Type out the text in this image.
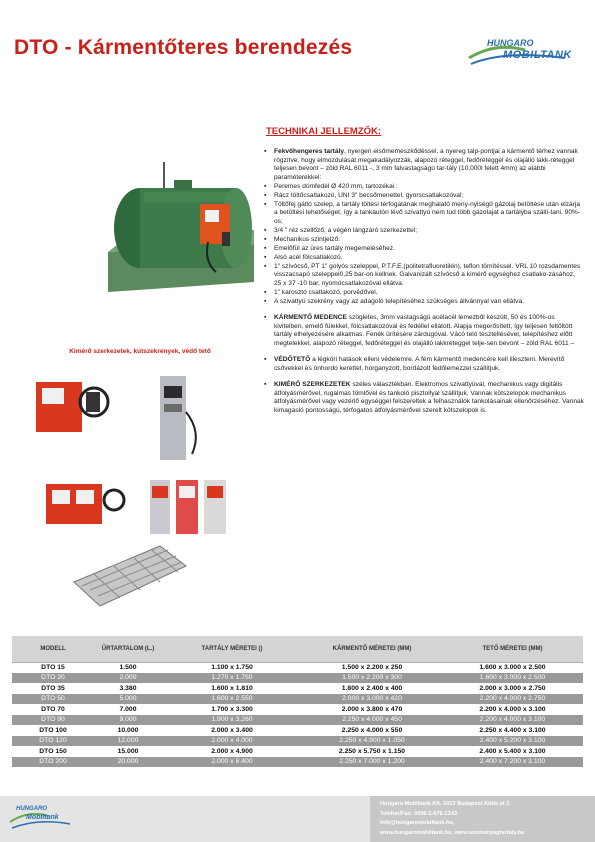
DTO - Kármentőteres berendezés	HUNGARO
MOBILTANK
Kimérő szerkezetek, kútszekrények, védő tető
TECHNIKAI JELLEMZŐK:
▪ Fekvőhengeres tartály, nyergen elsőmemeszkődéssel, a nyereg talp-pontjai a kármentő térhez vannak rögzítve, hogy elmozdulását megakadályozzák, alapozó réteggel, fedőréteggel és olajálló lakk-réteggel teljesen bevont – zöld RAL 6011 -, 3 mm falvastagságú tar-tály (10.000l felett 4mm) az alábbi paraméterekkel:
▪ Peremes dómfedél Ø 420 mm, tartozékai :
▪ Rácz töltőcsatlakozó, UNI 3" becsőmenettel, gyorscsatlakozóval;
▪ Töltőfej gátló szelep, a tartály töltési térfogatának meghalató meny-nyiségű gázolaj betöltése után elzárja a betöltési lehetőséget, így a tankautón lévő szivattyú nem tud több gázolajat a tartályba szállí-tani. 90%-os;
▪ 3/4 " réz szellőző, a végén lángzáró szerkezettel;
▪ Mechanikus szintjelző.
▪ Emelőfül az üres tartály megemeléséhez.
▪ Alsó acél fölcsatlakozó.
▪ 1" szívócső, PT 1" golyós szeleppel, P.T.F.E.(politetrafluoretilén), teflon tömítéssel. VRL 10 rozsdamentes visszacsapó szeleppel0,25 bar-on kellnek. Galvanizált szívócső a kimérő egységhez csatlako-zásához, 25 x 37 -10 bar, nyomócsatlakozóval ellátva.
▪ 1" karosztó csatlakozó, porvédővel.
▪ A szivattyú szekrény vagy az adagoló telepítéséhez szükséges állvánnyal van ellátva.
▪ KÁRMENTŐ MEDENCE szögletes, 3mm vastagságú acélacél lemezből készült, 50 és 100%-os kivitelben, emelő fülekkel, fölcsatlakozóval és fedéllel ellátott. Alapja megerősített, így teljesen feltöltött tartály elhelyezésére alkalmas. Fenék ürítésére zárdugóval. Vácó teló tesztellésével, telepítéshez előtt megtelekkel, alapozó réteggel, fedőréteggel és olajálló lakkréteggel telje-sen bevont – zöld RAL 6011 –
▪ VÉDŐTETŐ a légköri hatások elleni védelemre. A fém kármentő medencére kell illeszteni. Merevítő csővekkel és önhordó kerettel, horganyzott, bordázott fedőlemezzel szállítjuk.
▪ KIMÉRŐ SZERKEZETEK széles választékban. Elektromos szivattyúval, mechanikus vagy digitális átfolyásmérővel, rugalmas tömlővel és tankoló pisztollyal szállítjuk. Vannak kötszelopok mechanikus átfolyásmérővel vagy vezérlő egységgel felszereltek a felhasználók tankolásainak ellenőrzéséhez. Vannak kimagasló pontosságú, térfogatos átfolyásmérővel szerelt kötszelopok is.
MODELL	ŰRTARTALOM (L.)	TARTÁLY MÉRETEI ()	KÁRMENTŐ MÉRETEI (MM)	TETŐ MÉRETEI (MM)
DTO 15	1.500	1.100 x 1.750	1.500 x 2.200 x 250	1.600 x 3.000 x 2.500
DTO 20	2.000	1.270 x 1.750	1.500 x 2.200 x 300	1.600 x 3.000 x 2.500
DTO 35	3.380	1.600 x 1.810	1.800 x 2.400 x 400	2.000 x 3.000 x 2.750
DTO 50	5.000	1.600 x 2.550	2.000 x 3.000 x 420	2.200 x 4.000 x 2.750
DTO 70	7.000	1.700 x 3.300	2.000 x 3.800 x 470	2.200 x 4.000 x 3.100
DTO 90	9.000	1.900 x 3.260	2.250 x 4.000 x 450	2.200 x 4.000 x 3.100
DTO 100	10.000	2.000 x 3.400	2.250 x 4.000 x 550	2.250 x 4.400 x 3.100
DTO 120	12.000	2.000 x 4.000	2.250 x 4.900 x 1.050	2.400 x 5.200 x 3.100
DTO 150	15.000	2.000 x 4.900	2.250 x 5.750 x 1.150	2.400 x 5.400 x 3.100
DTO 200	20.000	2.000 x 6.400	2.250 x 7.000 x 1.200	2.400 x 7.200 x 3.100
HUNGARO
Mobiltank
Hungaro Mobiltank Kft. 1013 Budapest Attila út 2.
Telefon/Fax: 0036-1-678-2143
info@hungaromobiltank.hu,
www.hungaromobiltank.hu, www.uzemanyagtartaly.hu
